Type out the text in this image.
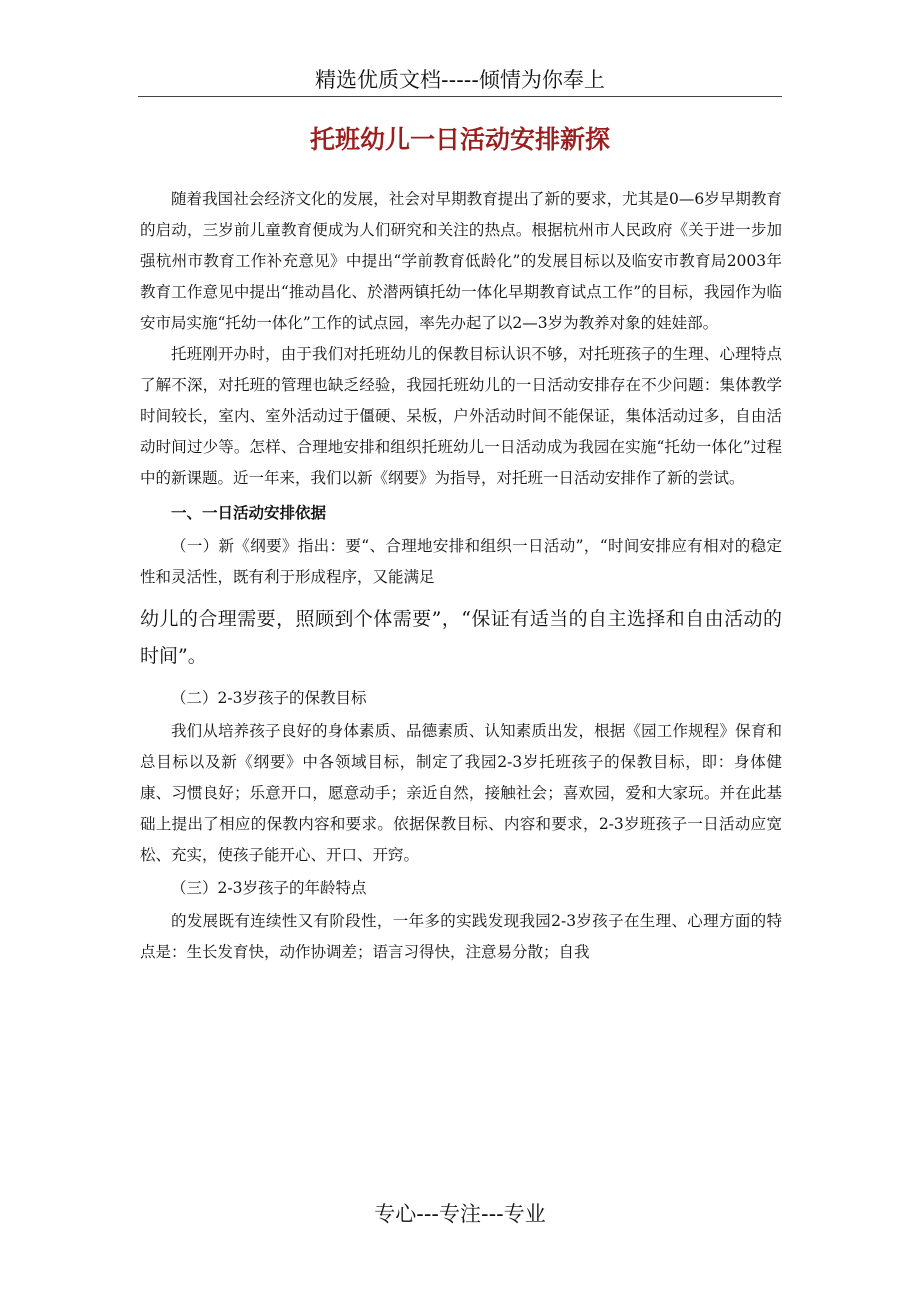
精选优质文档-----倾情为你奉上
托班幼儿一日活动安排新探

随着我国社会经济文化的发展，社会对早期教育提出了新的要求，尤其是0—6岁早期教育的启动，三岁前儿童教育便成为人们研究和关注的热点。根据杭州市人民政府《关于进一步加强杭州市教育工作补充意见》中提出“学前教育低龄化”的发展目标以及临安市教育局2003年教育工作意见中提出“推动昌化、於潜两镇托幼一体化早期教育试点工作”的目标，我园作为临安市局实施“托幼一体化”工作的试点园，率先办起了以2—3岁为教养对象的娃娃部。

托班刚开办时，由于我们对托班幼儿的保教目标认识不够，对托班孩子的生理、心理特点了解不深，对托班的管理也缺乏经验，我园托班幼儿的一日活动安排存在不少问题：集体教学时间较长，室内、室外活动过于僵硬、呆板，户外活动时间不能保证，集体活动过多，自由活动时间过少等。怎样、合理地安排和组织托班幼儿一日活动成为我园在实施“托幼一体化”过程中的新课题。近一年来，我们以新《纲要》为指导，对托班一日活动安排作了新的尝试。

一、一日活动安排依据

（一）新《纲要》指出：要“、合理地安排和组织一日活动”，“时间安排应有相对的稳定性和灵活性，既有利于形成程序，又能满足

幼儿的合理需要，照顾到个体需要”，“保证有适当的自主选择和自由活动的时间”。

（二）2-3岁孩子的保教目标

我们从培养孩子良好的身体素质、品德素质、认知素质出发，根据《园工作规程》保育和总目标以及新《纲要》中各领域目标，制定了我园2-3岁托班孩子的保教目标，即：身体健康、习惯良好；乐意开口，愿意动手；亲近自然，接触社会；喜欢园，爱和大家玩。并在此基础上提出了相应的保教内容和要求。依据保教目标、内容和要求，2-3岁班孩子一日活动应宽松、充实，使孩子能开心、开口、开窍。

（三）2-3岁孩子的年龄特点

的发展既有连续性又有阶段性，一年多的实践发现我园2-3岁孩子在生理、心理方面的特点是：生长发育快，动作协调差；语言习得快，注意易分散；自我

专心---专注---专业
